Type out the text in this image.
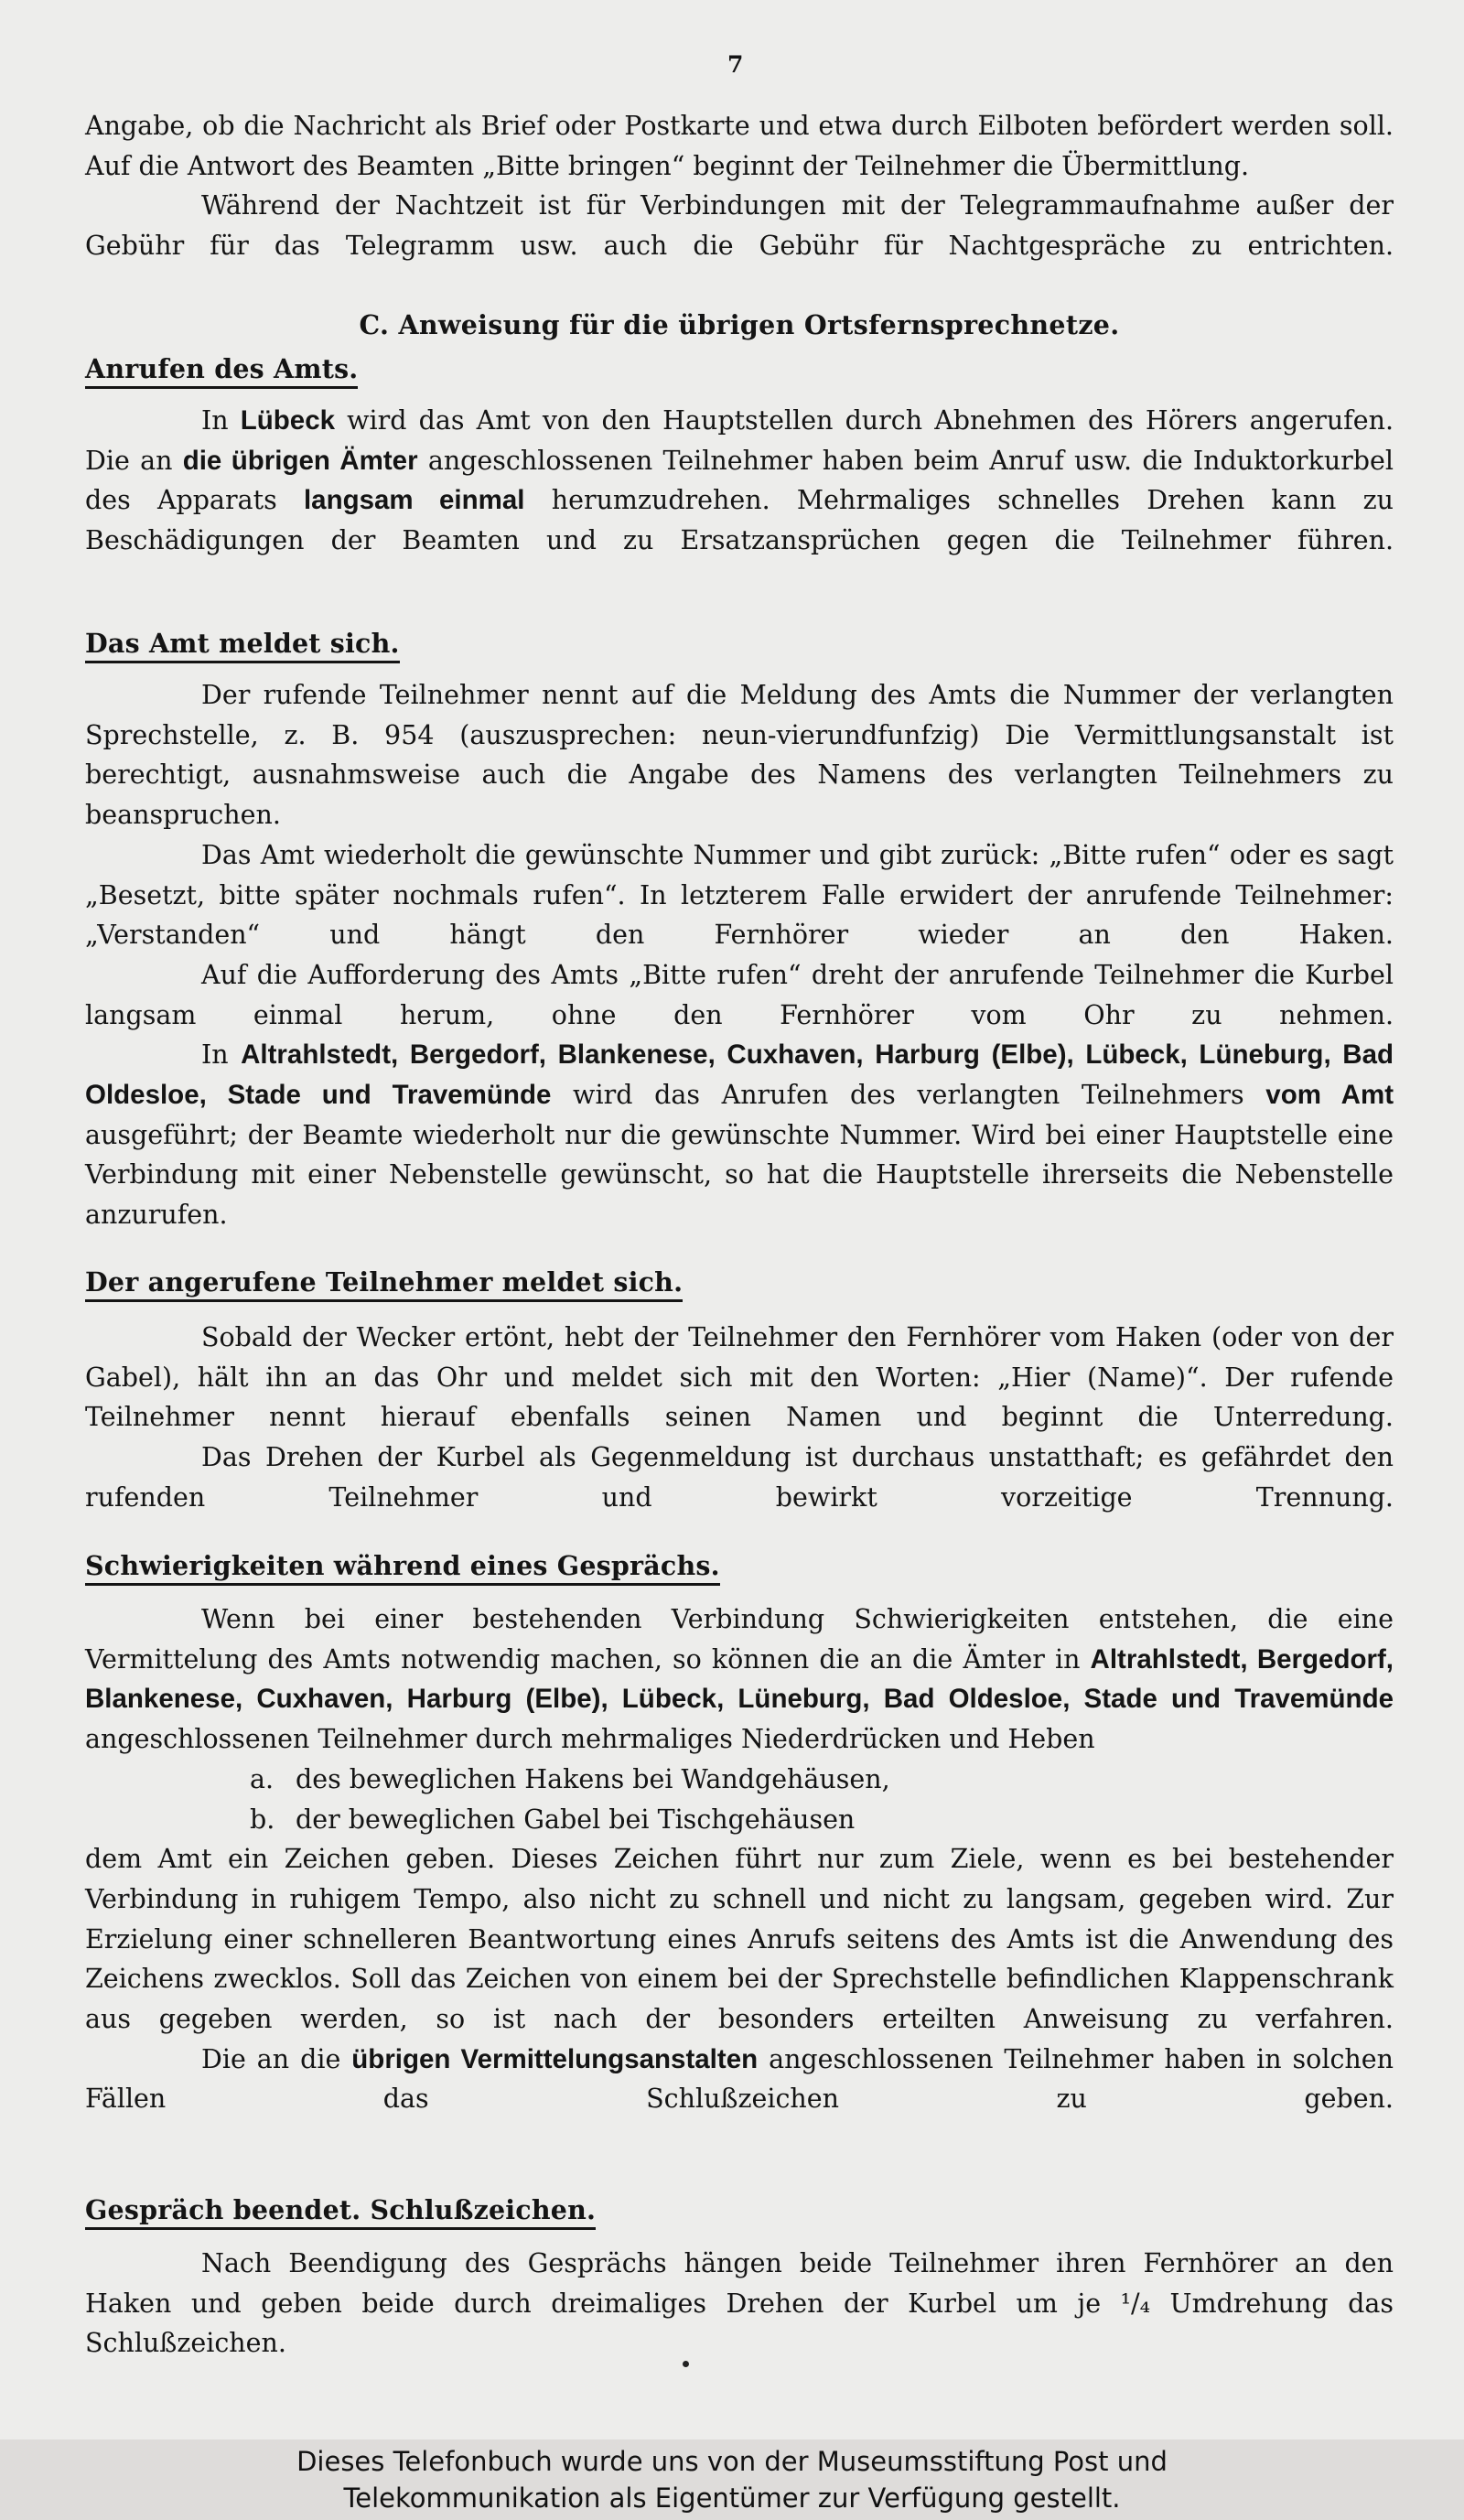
7

Angabe, ob die Nachricht als Brief oder Postkarte und etwa durch Eilboten befördert werden soll. Auf die Antwort des Beamten „Bitte bringen“ beginnt der Teilnehmer die Übermittlung.

Während der Nachtzeit ist für Verbindungen mit der Telegrammaufnahme außer der Gebühr für das Telegramm usw. auch die Gebühr für Nachtgespräche zu entrichten.

C. Anweisung für die übrigen Ortsfernsprechnetze.
Anrufen des Amts.

In Lübeck wird das Amt von den Hauptstellen durch Abnehmen des Hörers angerufen. Die an die übrigen Ämter angeschlossenen Teilnehmer haben beim Anruf usw. die Induktorkurbel des Apparats langsam einmal herumzudrehen. Mehrmaliges schnelles Drehen kann zu Beschädigungen der Beamten und zu Ersatzansprüchen gegen die Teilnehmer führen.

Das Amt meldet sich.

Der rufende Teilnehmer nennt auf die Meldung des Amts die Nummer der verlangten Sprechstelle, z. B. 954 (auszusprechen: neun-vierundfunfzig) Die Vermittlungsanstalt ist berechtigt, ausnahmsweise auch die Angabe des Namens des verlangten Teilnehmers zu beanspruchen.

Das Amt wiederholt die gewünschte Nummer und gibt zurück: „Bitte rufen“ oder es sagt „Besetzt, bitte später nochmals rufen“. In letzterem Falle erwidert der anrufende Teilnehmer: „Verstanden“ und hängt den Fernhörer wieder an den Haken.

Auf die Aufforderung des Amts „Bitte rufen“ dreht der anrufende Teilnehmer die Kurbel langsam einmal herum, ohne den Fernhörer vom Ohr zu nehmen.

In Altrahlstedt, Bergedorf, Blankenese, Cuxhaven, Harburg (Elbe), Lübeck, Lüneburg, Bad Oldesloe, Stade und Travemünde wird das Anrufen des verlangten Teilnehmers vom Amt ausgeführt; der Beamte wiederholt nur die gewünschte Nummer. Wird bei einer Hauptstelle eine Verbindung mit einer Nebenstelle gewünscht, so hat die Hauptstelle ihrerseits die Nebenstelle anzurufen.

Der angerufene Teilnehmer meldet sich.

Sobald der Wecker ertönt, hebt der Teilnehmer den Fernhörer vom Haken (oder von der Gabel), hält ihn an das Ohr und meldet sich mit den Worten: „Hier (Name)“. Der rufende Teilnehmer nennt hierauf ebenfalls seinen Namen und beginnt die Unterredung.

Das Drehen der Kurbel als Gegenmeldung ist durchaus unstatthaft; es gefährdet den rufenden Teilnehmer und bewirkt vorzeitige Trennung.

Schwierigkeiten während eines Gesprächs.

Wenn bei einer bestehenden Verbindung Schwierigkeiten entstehen, die eine Vermittelung des Amts notwendig machen, so können die an die Ämter in Altrahlstedt, Bergedorf, Blankenese, Cuxhaven, Harburg (Elbe), Lübeck, Lüneburg, Bad Oldesloe, Stade und Travemünde angeschlossenen Teilnehmer durch mehrmaliges Niederdrücken und Heben

a. des beweglichen Hakens bei Wandgehäusen,
b. der beweglichen Gabel bei Tischgehäusen

dem Amt ein Zeichen geben. Dieses Zeichen führt nur zum Ziele, wenn es bei bestehender Verbindung in ruhigem Tempo, also nicht zu schnell und nicht zu langsam, gegeben wird. Zur Erzielung einer schnelleren Beantwortung eines Anrufs seitens des Amts ist die Anwendung des Zeichens zwecklos. Soll das Zeichen von einem bei der Sprechstelle befindlichen Klappenschrank aus gegeben werden, so ist nach der besonders erteilten Anweisung zu verfahren.

Die an die übrigen Vermittelungsanstalten angeschlossenen Teilnehmer haben in solchen Fällen das Schlußzeichen zu geben.

Gespräch beendet. Schlußzeichen.

Nach Beendigung des Gesprächs hängen beide Teilnehmer ihren Fernhörer an den Haken und geben beide durch dreimaliges Drehen der Kurbel um je ¹/₄ Umdrehung das Schlußzeichen.

Dieses Telefonbuch wurde uns von der Museumsstiftung Post und
Telekommunikation als Eigentümer zur Verfügung gestellt.
